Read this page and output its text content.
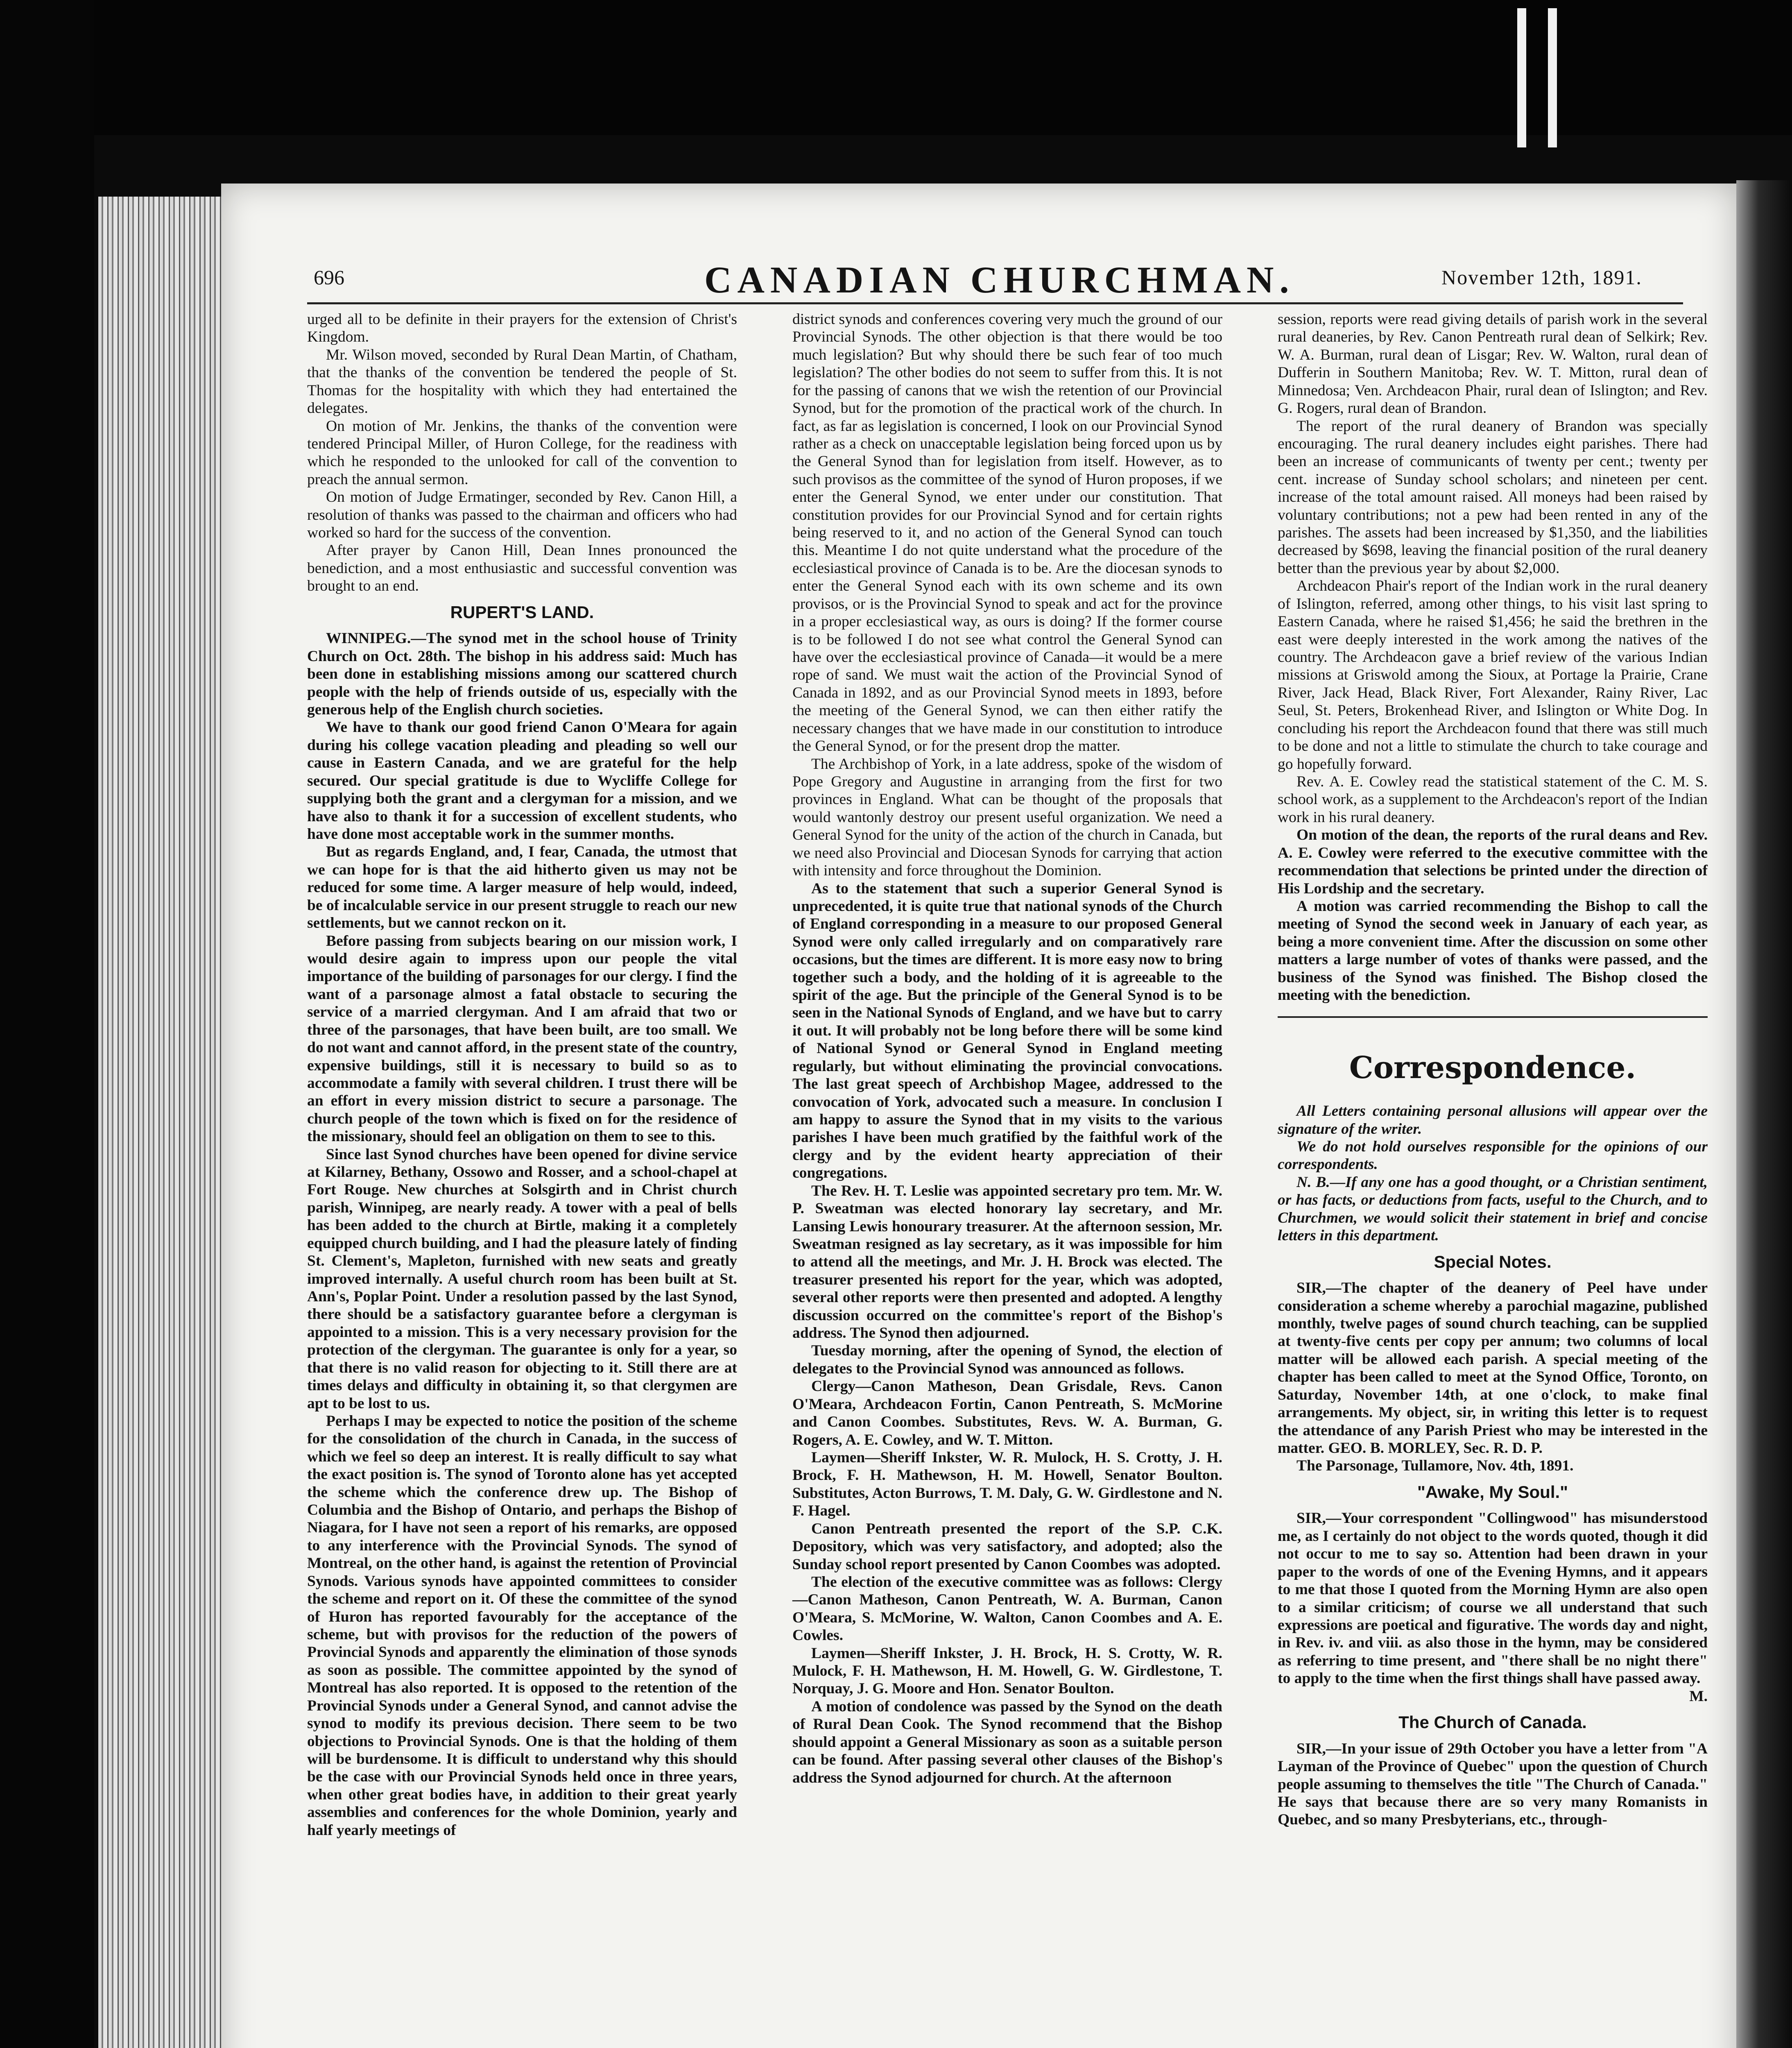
696	CANADIAN CHURCHMAN.	November 12th, 1891.

urged all to be definite in their prayers for the extension of Christ's Kingdom.

Mr. Wilson moved, seconded by Rural Dean Martin, of Chatham, that the thanks of the convention be tendered the people of St. Thomas for the hospitality with which they had entertained the delegates.

On motion of Mr. Jenkins, the thanks of the convention were tendered Principal Miller, of Huron College, for the readiness with which he responded to the unlooked for call of the convention to preach the annual sermon.

On motion of Judge Ermatinger, seconded by Rev. Canon Hill, a resolution of thanks was passed to the chairman and officers who had worked so hard for the success of the convention.

After prayer by Canon Hill, Dean Innes pronounced the benediction, and a most enthusiastic and successful convention was brought to an end.

RUPERT'S LAND.

WINNIPEG.—The synod met in the school house of Trinity Church on Oct. 28th. The bishop in his address said: Much has been done in establishing missions among our scattered church people with the help of friends outside of us, especially with the generous help of the English church societies.

We have to thank our good friend Canon O'Meara for again during his college vacation pleading and pleading so well our cause in Eastern Canada, and we are grateful for the help secured. Our special gratitude is due to Wycliffe College for supplying both the grant and a clergyman for a mission, and we have also to thank it for a succession of excellent students, who have done most acceptable work in the summer months.

But as regards England, and, I fear, Canada, the utmost that we can hope for is that the aid hitherto given us may not be reduced for some time. A larger measure of help would, indeed, be of incalculable service in our present struggle to reach our new settlements, but we cannot reckon on it.

Before passing from subjects bearing on our mission work, I would desire again to impress upon our people the vital importance of the building of parsonages for our clergy. I find the want of a parsonage almost a fatal obstacle to securing the service of a married clergyman. And I am afraid that two or three of the parsonages, that have been built, are too small. We do not want and cannot afford, in the present state of the country, expensive buildings, still it is necessary to build so as to accommodate a family with several children. I trust there will be an effort in every mission district to secure a parsonage. The church people of the town which is fixed on for the residence of the missionary, should feel an obligation on them to see to this.

Since last Synod churches have been opened for divine service at Kilarney, Bethany, Ossowo and Rosser, and a school-chapel at Fort Rouge. New churches at Solsgirth and in Christ church parish, Winnipeg, are nearly ready. A tower with a peal of bells has been added to the church at Birtle, making it a completely equipped church building, and I had the pleasure lately of finding St. Clement's, Mapleton, furnished with new seats and greatly improved internally. A useful church room has been built at St. Ann's, Poplar Point. Under a resolution passed by the last Synod, there should be a satisfactory guarantee before a clergyman is appointed to a mission. This is a very necessary provision for the protection of the clergyman. The guarantee is only for a year, so that there is no valid reason for objecting to it. Still there are at times delays and difficulty in obtaining it, so that clergymen are apt to be lost to us.

Perhaps I may be expected to notice the position of the scheme for the consolidation of the church in Canada, in the success of which we feel so deep an interest. It is really difficult to say what the exact position is. The synod of Toronto alone has yet accepted the scheme which the conference drew up. The Bishop of Columbia and the Bishop of Ontario, and perhaps the Bishop of Niagara, for I have not seen a report of his remarks, are opposed to any interference with the Provincial Synods. The synod of Montreal, on the other hand, is against the retention of Provincial Synods. Various synods have appointed committees to consider the scheme and report on it. Of these the committee of the synod of Huron has reported favourably for the acceptance of the scheme, but with provisos for the reduction of the powers of Provincial Synods and apparently the elimination of those synods as soon as possible. The committee appointed by the synod of Montreal has also reported. It is opposed to the retention of the Provincial Synods under a General Synod, and cannot advise the synod to modify its previous decision. There seem to be two objections to Provincial Synods. One is that the holding of them will be burdensome. It is difficult to understand why this should be the case with our Provincial Synods held once in three years, when other great bodies have, in addition to their great yearly assemblies and conferences for the whole Dominion, yearly and half yearly meetings of

district synods and conferences covering very much the ground of our Provincial Synods. The other objection is that there would be too much legislation? But why should there be such fear of too much legislation? The other bodies do not seem to suffer from this. It is not for the passing of canons that we wish the retention of our Provincial Synod, but for the promotion of the practical work of the church. In fact, as far as legislation is concerned, I look on our Provincial Synod rather as a check on unacceptable legislation being forced upon us by the General Synod than for legislation from itself. However, as to such provisos as the committee of the synod of Huron proposes, if we enter the General Synod, we enter under our constitution. That constitution provides for our Provincial Synod and for certain rights being reserved to it, and no action of the General Synod can touch this. Meantime I do not quite understand what the procedure of the ecclesiastical province of Canada is to be. Are the diocesan synods to enter the General Synod each with its own scheme and its own provisos, or is the Provincial Synod to speak and act for the province in a proper ecclesiastical way, as ours is doing? If the former course is to be followed I do not see what control the General Synod can have over the ecclesiastical province of Canada—it would be a mere rope of sand. We must wait the action of the Provincial Synod of Canada in 1892, and as our Provincial Synod meets in 1893, before the meeting of the General Synod, we can then either ratify the necessary changes that we have made in our constitution to introduce the General Synod, or for the present drop the matter.

The Archbishop of York, in a late address, spoke of the wisdom of Pope Gregory and Augustine in arranging from the first for two provinces in England. What can be thought of the proposals that would wantonly destroy our present useful organization. We need a General Synod for the unity of the action of the church in Canada, but we need also Provincial and Diocesan Synods for carrying that action with intensity and force throughout the Dominion.

As to the statement that such a superior General Synod is unprecedented, it is quite true that national synods of the Church of England corresponding in a measure to our proposed General Synod were only called irregularly and on comparatively rare occasions, but the times are different. It is more easy now to bring together such a body, and the holding of it is agreeable to the spirit of the age. But the principle of the General Synod is to be seen in the National Synods of England, and we have but to carry it out. It will probably not be long before there will be some kind of National Synod or General Synod in England meeting regularly, but without eliminating the provincial convocations. The last great speech of Archbishop Magee, addressed to the convocation of York, advocated such a measure. In conclusion I am happy to assure the Synod that in my visits to the various parishes I have been much gratified by the faithful work of the clergy and by the evident hearty appreciation of their congregations.

The Rev. H. T. Leslie was appointed secretary pro tem. Mr. W. P. Sweatman was elected honorary lay secretary, and Mr. Lansing Lewis honourary treasurer. At the afternoon session, Mr. Sweatman resigned as lay secretary, as it was impossible for him to attend all the meetings, and Mr. J. H. Brock was elected. The treasurer presented his report for the year, which was adopted, several other reports were then presented and adopted. A lengthy discussion occurred on the committee's report of the Bishop's address. The Synod then adjourned.

Tuesday morning, after the opening of Synod, the election of delegates to the Provincial Synod was announced as follows.

Clergy—Canon Matheson, Dean Grisdale, Revs. Canon O'Meara, Archdeacon Fortin, Canon Pentreath, S. McMorine and Canon Coombes. Substitutes, Revs. W. A. Burman, G. Rogers, A. E. Cowley, and W. T. Mitton.

Laymen—Sheriff Inkster, W. R. Mulock, H. S. Crotty, J. H. Brock, F. H. Mathewson, H. M. Howell, Senator Boulton. Substitutes, Acton Burrows, T. M. Daly, G. W. Girdlestone and N. F. Hagel.

Canon Pentreath presented the report of the S.P. C.K. Depository, which was very satisfactory, and adopted; also the Sunday school report presented by Canon Coombes was adopted.

The election of the executive committee was as follows: Clergy—Canon Matheson, Canon Pentreath, W. A. Burman, Canon O'Meara, S. McMorine, W. Walton, Canon Coombes and A. E. Cowles.

Laymen—Sheriff Inkster, J. H. Brock, H. S. Crotty, W. R. Mulock, F. H. Mathewson, H. M. Howell, G. W. Girdlestone, T. Norquay, J. G. Moore and Hon. Senator Boulton.

A motion of condolence was passed by the Synod on the death of Rural Dean Cook. The Synod recommend that the Bishop should appoint a General Missionary as soon as a suitable person can be found. After passing several other clauses of the Bishop's address the Synod adjourned for church. At the afternoon

session, reports were read giving details of parish work in the several rural deaneries, by Rev. Canon Pentreath rural dean of Selkirk; Rev. W. A. Burman, rural dean of Lisgar; Rev. W. Walton, rural dean of Dufferin in Southern Manitoba; Rev. W. T. Mitton, rural dean of Minnedosa; Ven. Archdeacon Phair, rural dean of Islington; and Rev. G. Rogers, rural dean of Brandon.

The report of the rural deanery of Brandon was specially encouraging. The rural deanery includes eight parishes. There had been an increase of communicants of twenty per cent.; twenty per cent. increase of Sunday school scholars; and nineteen per cent. increase of the total amount raised. All moneys had been raised by voluntary contributions; not a pew had been rented in any of the parishes. The assets had been increased by $1,350, and the liabilities decreased by $698, leaving the financial position of the rural deanery better than the previous year by about $2,000.

Archdeacon Phair's report of the Indian work in the rural deanery of Islington, referred, among other things, to his visit last spring to Eastern Canada, where he raised $1,456; he said the brethren in the east were deeply interested in the work among the natives of the country. The Archdeacon gave a brief review of the various Indian missions at Griswold among the Sioux, at Portage la Prairie, Crane River, Jack Head, Black River, Fort Alexander, Rainy River, Lac Seul, St. Peters, Brokenhead River, and Islington or White Dog. In concluding his report the Archdeacon found that there was still much to be done and not a little to stimulate the church to take courage and go hopefully forward.

Rev. A. E. Cowley read the statistical statement of the C. M. S. school work, as a supplement to the Archdeacon's report of the Indian work in his rural deanery.

On motion of the dean, the reports of the rural deans and Rev. A. E. Cowley were referred to the executive committee with the recommendation that selections be printed under the direction of His Lordship and the secretary.

A motion was carried recommending the Bishop to call the meeting of Synod the second week in January of each year, as being a more convenient time. After the discussion on some other matters a large number of votes of thanks were passed, and the business of the Synod was finished. The Bishop closed the meeting with the benediction.

Correspondence.

All Letters containing personal allusions will appear over the signature of the writer.

We do not hold ourselves responsible for the opinions of our correspondents.

N. B.—If any one has a good thought, or a Christian sentiment, or has facts, or deductions from facts, useful to the Church, and to Churchmen, we would solicit their statement in brief and concise letters in this department.

Special Notes.

SIR,—The chapter of the deanery of Peel have under consideration a scheme whereby a parochial magazine, published monthly, twelve pages of sound church teaching, can be supplied at twenty-five cents per copy per annum; two columns of local matter will be allowed each parish. A special meeting of the chapter has been called to meet at the Synod Office, Toronto, on Saturday, November 14th, at one o'clock, to make final arrangements. My object, sir, in writing this letter is to request the attendance of any Parish Priest who may be interested in the matter. GEO. B. MORLEY, Sec. R. D. P.

The Parsonage, Tullamore, Nov. 4th, 1891.

"Awake, My Soul."

SIR,—Your correspondent "Collingwood" has misunderstood me, as I certainly do not object to the words quoted, though it did not occur to me to say so. Attention had been drawn in your paper to the words of one of the Evening Hymns, and it appears to me that those I quoted from the Morning Hymn are also open to a similar criticism; of course we all understand that such expressions are poetical and figurative. The words day and night, in Rev. iv. and viii. as also those in the hymn, may be considered as referring to time present, and "there shall be no night there" to apply to the time when the first things shall have passed away.

M.

The Church of Canada.

SIR,—In your issue of 29th October you have a letter from "A Layman of the Province of Quebec" upon the question of Church people assuming to themselves the title "The Church of Canada." He says that because there are so very many Romanists in Quebec, and so many Presbyterians, etc., through-
